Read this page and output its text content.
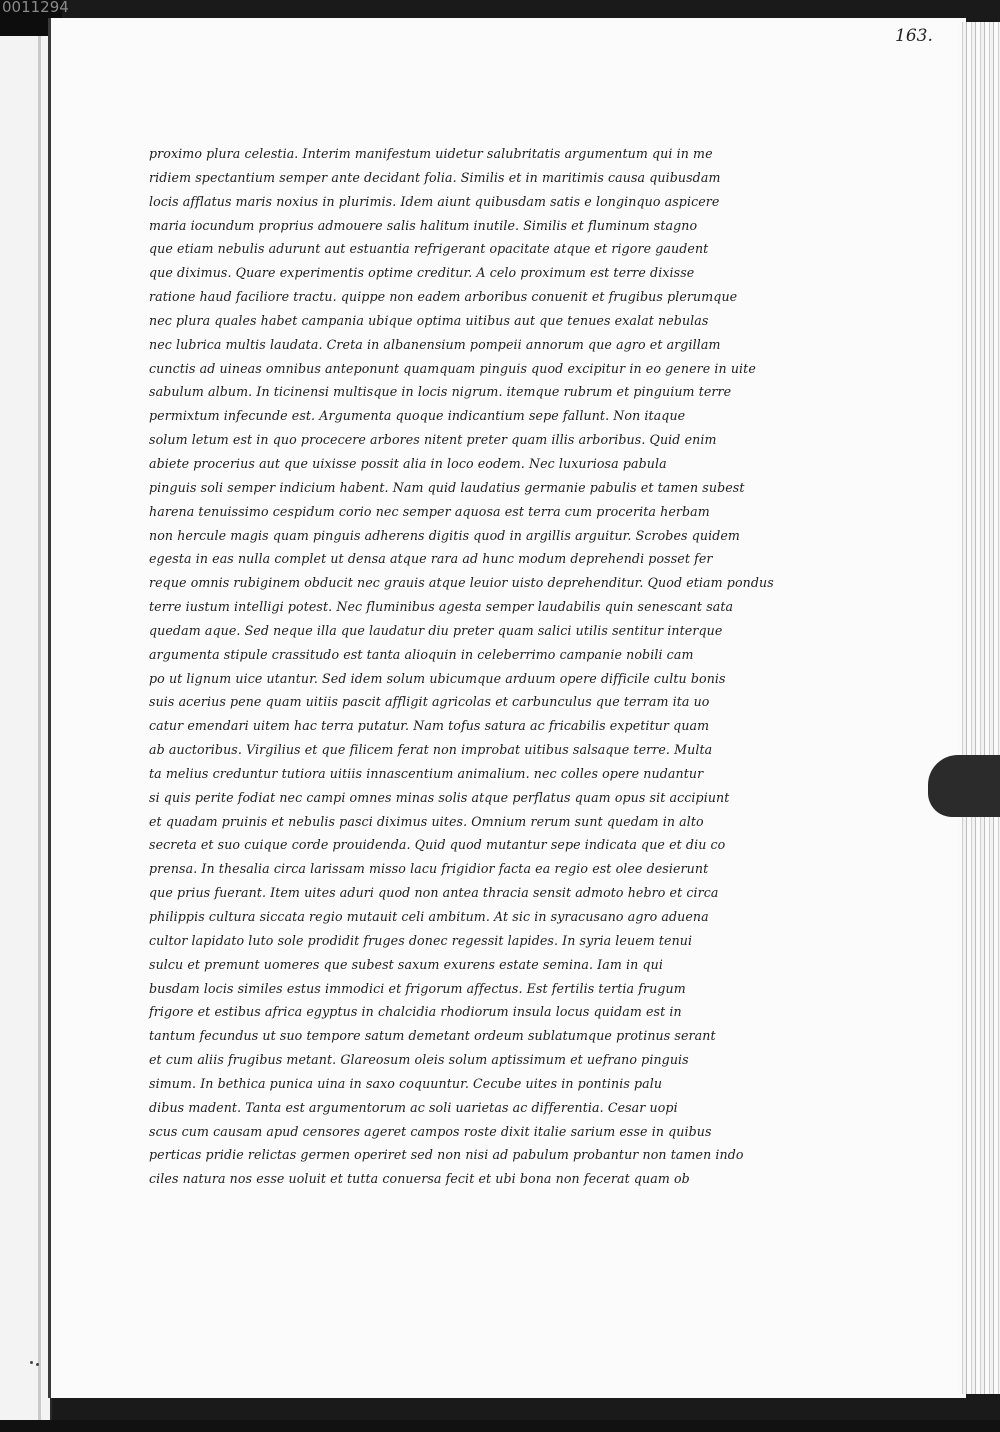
0011294
163.
proximo plura celestia. Interim manifestum uidetur salubritatis argumentum qui in me
ridiem spectantium semper ante decidant folia. Similis et in maritimis causa quibusdam
locis afflatus maris noxius in plurimis. Idem aiunt quibusdam satis e longinquo aspicere
maria iocundum proprius admouere salis halitum inutile. Similis et fluminum stagno
que etiam nebulis adurunt aut estuantia refrigerant opacitate atque et rigore gaudent
que diximus. Quare experimentis optime creditur. A celo proximum est terre dixisse
ratione haud faciliore tractu. quippe non eadem arboribus conuenit et frugibus plerumque
nec plura quales habet campania ubique optima uitibus aut que tenues exalat nebulas
nec lubrica multis laudata. Creta in albanensium pompeii annorum que agro et argillam
cunctis ad uineas omnibus anteponunt quamquam pinguis quod excipitur in eo genere in uite
sabulum album. In ticinensi multisque in locis nigrum. itemque rubrum et pinguium terre
permixtum infecunde est. Argumenta quoque indicantium sepe fallunt. Non itaque
solum letum est in quo procecere arbores nitent preter quam illis arboribus. Quid enim
abiete procerius aut que uixisse possit alia in loco eodem. Nec luxuriosa pabula
pinguis soli semper indicium habent. Nam quid laudatius germanie pabulis et tamen subest
harena tenuissimo cespidum corio nec semper aquosa est terra cum procerita herbam
non hercule magis quam pinguis adherens digitis quod in argillis arguitur. Scrobes quidem
egesta in eas nulla complet ut densa atque rara ad hunc modum deprehendi posset fer
reque omnis rubiginem obducit nec grauis atque leuior uisto deprehenditur. Quod etiam pondus
terre iustum intelligi potest. Nec fluminibus agesta semper laudabilis quin senescant sata
quedam aque. Sed neque illa que laudatur diu preter quam salici utilis sentitur interque
argumenta stipule crassitudo est tanta alioquin in celeberrimo campanie nobili cam
po ut lignum uice utantur. Sed idem solum ubicumque arduum opere difficile cultu bonis
suis acerius pene quam uitiis pascit affligit agricolas et carbunculus que terram ita uo
catur emendari uitem hac terra putatur. Nam tofus satura ac fricabilis expetitur quam
ab auctoribus. Virgilius et que filicem ferat non improbat uitibus salsaque terre. Multa
ta melius creduntur tutiora uitiis innascentium animalium. nec colles opere nudantur
si quis perite fodiat nec campi omnes minas solis atque perflatus quam opus sit accipiunt
et quadam pruinis et nebulis pasci diximus uites. Omnium rerum sunt quedam in alto
secreta et suo cuique corde prouidenda. Quid quod mutantur sepe indicata que et diu co
prensa. In thesalia circa larissam misso lacu frigidior facta ea regio est olee desierunt
que prius fuerant. Item uites aduri quod non antea thracia sensit admoto hebro et circa
philippis cultura siccata regio mutauit celi ambitum. At sic in syracusano agro aduena
cultor lapidato luto sole prodidit fruges donec regessit lapides. In syria leuem tenui
sulcu et premunt uomeres que subest saxum exurens estate semina. Iam in qui
busdam locis similes estus immodici et frigorum affectus. Est fertilis tertia frugum
frigore et estibus africa egyptus in chalcidia rhodiorum insula locus quidam est in
tantum fecundus ut suo tempore satum demetant ordeum sublatumque protinus serant
et cum aliis frugibus metant. Glareosum oleis solum aptissimum et uefrano pinguis
simum. In bethica punica uina in saxo coquuntur. Cecube uites in pontinis palu
dibus madent. Tanta est argumentorum ac soli uarietas ac differentia. Cesar uopi
scus cum causam apud censores ageret campos roste dixit italie sarium esse in quibus
perticas pridie relictas germen operiret sed non nisi ad pabulum probantur non tamen indo
ciles natura nos esse uoluit et tutta conuersa fecit et ubi bona non fecerat quam ob
